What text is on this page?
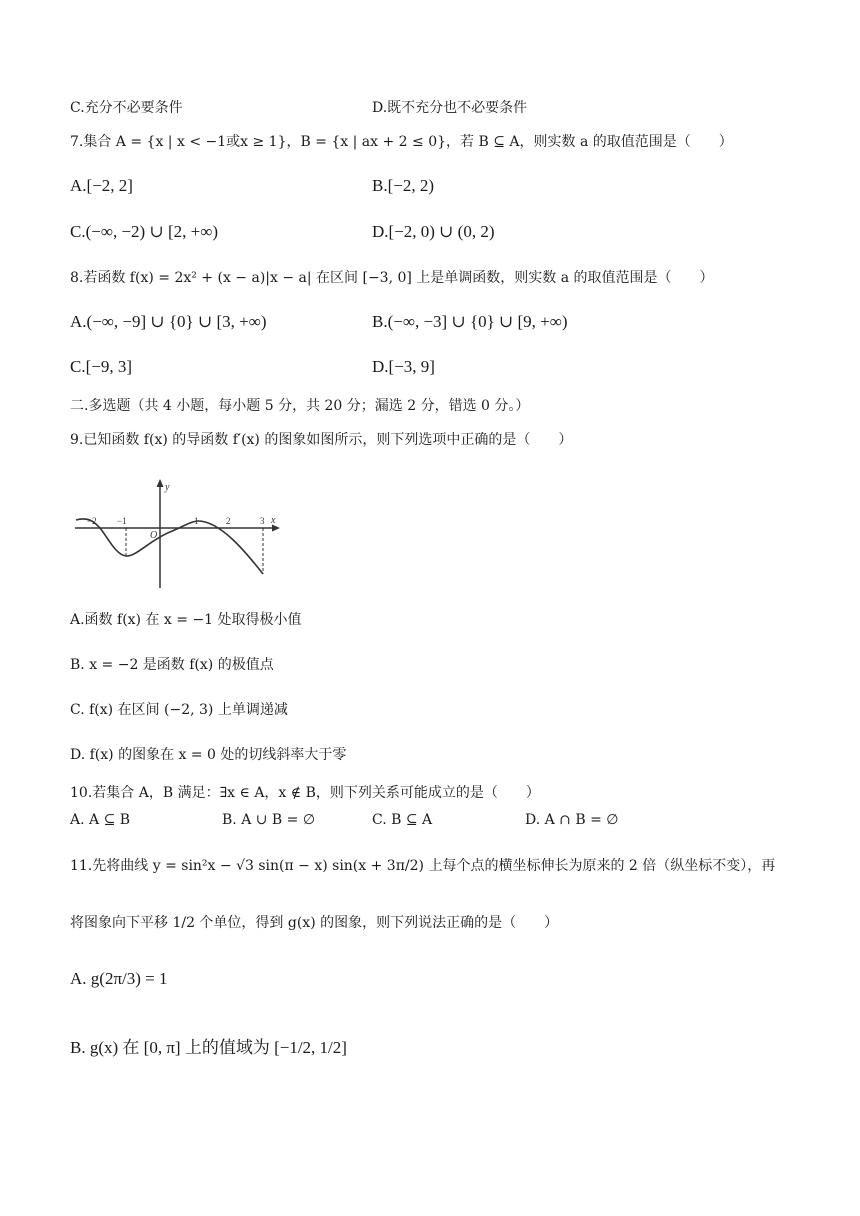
C.充分不必要条件	D.既不充分也不必要条件
7.集合 A = {x | x < −1或x ≥ 1}，B = {x | ax + 2 ≤ 0}，若 B ⊆ A，则实数 a 的取值范围是（　　）
A.[−2, 2]	B.[−2, 2)
C.(−∞, −2) ∪ [2, +∞)	D.[−2, 0) ∪ (0, 2)
8.若函数 f(x) = 2x² + (x − a)|x − a| 在区间 [−3, 0] 上是单调函数，则实数 a 的取值范围是（　　）
A.(−∞, −9] ∪ {0} ∪ [3, +∞)	B.(−∞, −3] ∪ {0} ∪ [9, +∞)
C.[−9, 3]	D.[−3, 9]
二.多选题（共 4 小题，每小题 5 分，共 20 分；漏选 2 分，错选 0 分。）
9.已知函数 f(x) 的导函数 f′(x) 的图象如图所示，则下列选项中正确的是（　　）
y
x
O
−2 −1	1	2	3
A.函数 f(x) 在 x = −1 处取得极小值
B. x = −2 是函数 f(x) 的极值点
C. f(x) 在区间 (−2, 3) 上单调递减
D. f(x) 的图象在 x = 0 处的切线斜率大于零
10.若集合 A，B 满足：∃x ∈ A，x ∉ B，则下列关系可能成立的是（　　）
A. A ⊆ B	B. A ∪ B = ∅	C. B ⊆ A	D. A ∩ B = ∅
11.先将曲线 y = sin²x − √3 sin(π − x) sin(x + 3π/2) 上每个点的横坐标伸长为原来的 2 倍（纵坐标不变），再
将图象向下平移 1/2 个单位，得到 g(x) 的图象，则下列说法正确的是（　　）
A. g(2π/3) = 1
B. g(x) 在 [0, π] 上的值域为 [−1/2, 1/2]
